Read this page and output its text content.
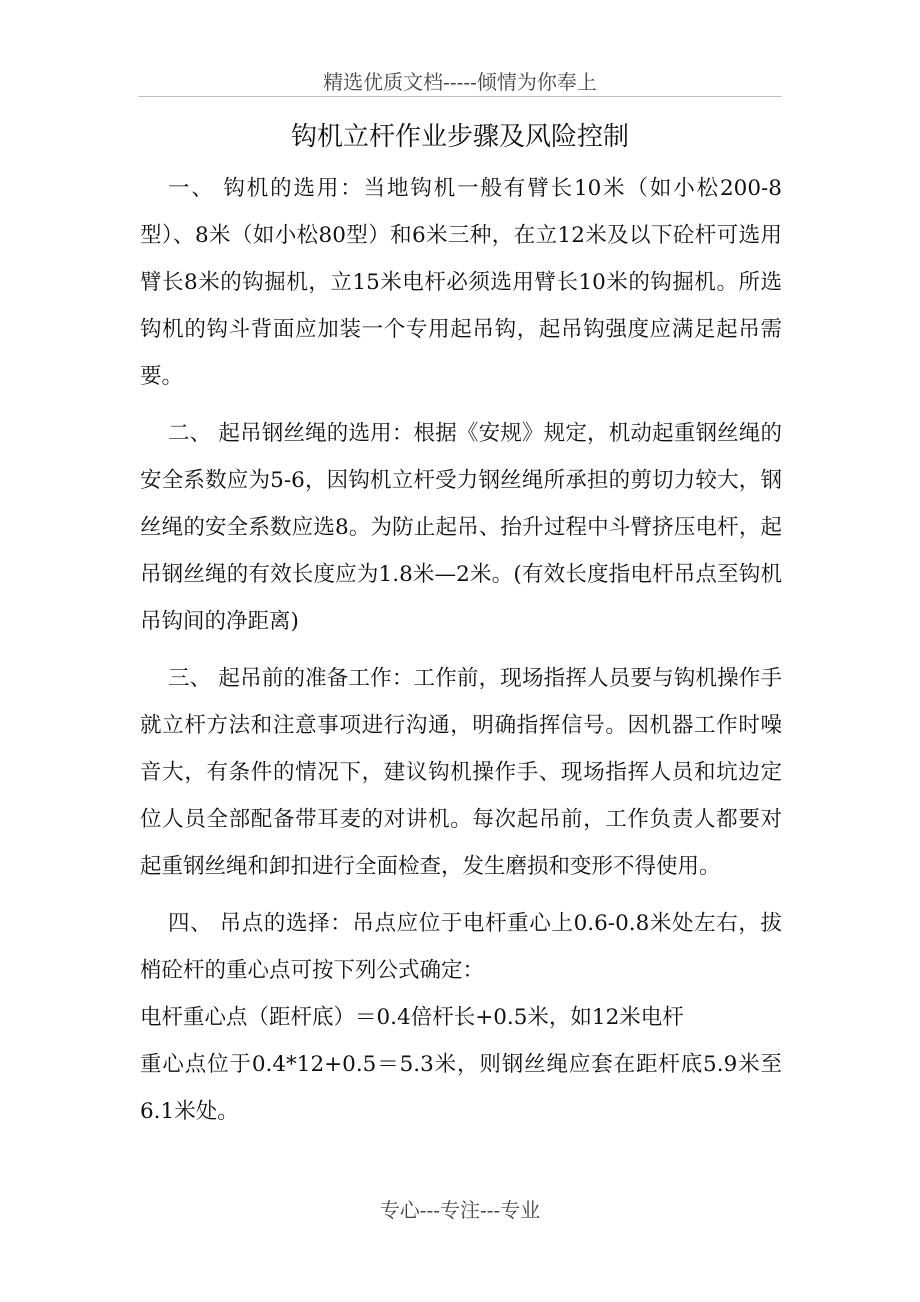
精选优质文档-----倾情为你奉上
钩机立杆作业步骤及风险控制

一、 钩机的选用：当地钩机一般有臂长10米（如小松200-8型）、8米（如小松80型）和6米三种，在立12米及以下砼杆可选用臂长8米的钩掘机，立15米电杆必须选用臂长10米的钩掘机。所选钩机的钩斗背面应加装一个专用起吊钩，起吊钩强度应满足起吊需要。

二、 起吊钢丝绳的选用：根据《安规》规定，机动起重钢丝绳的安全系数应为5-6，因钩机立杆受力钢丝绳所承担的剪切力较大，钢丝绳的安全系数应选8。为防止起吊、抬升过程中斗臂挤压电杆，起吊钢丝绳的有效长度应为1.8米—2米。(有效长度指电杆吊点至钩机吊钩间的净距离)

三、 起吊前的准备工作：工作前，现场指挥人员要与钩机操作手就立杆方法和注意事项进行沟通，明确指挥信号。因机器工作时噪音大，有条件的情况下，建议钩机操作手、现场指挥人员和坑边定位人员全部配备带耳麦的对讲机。每次起吊前，工作负责人都要对起重钢丝绳和卸扣进行全面检查，发生磨损和变形不得使用。

四、 吊点的选择：吊点应位于电杆重心上0.6-0.8米处左右，拔梢砼杆的重心点可按下列公式确定：

电杆重心点（距杆底）＝0.4倍杆长+0.5米，如12米电杆

重心点位于0.4*12+0.5＝5.3米，则钢丝绳应套在距杆底5.9米至6.1米处。

专心---专注---专业
